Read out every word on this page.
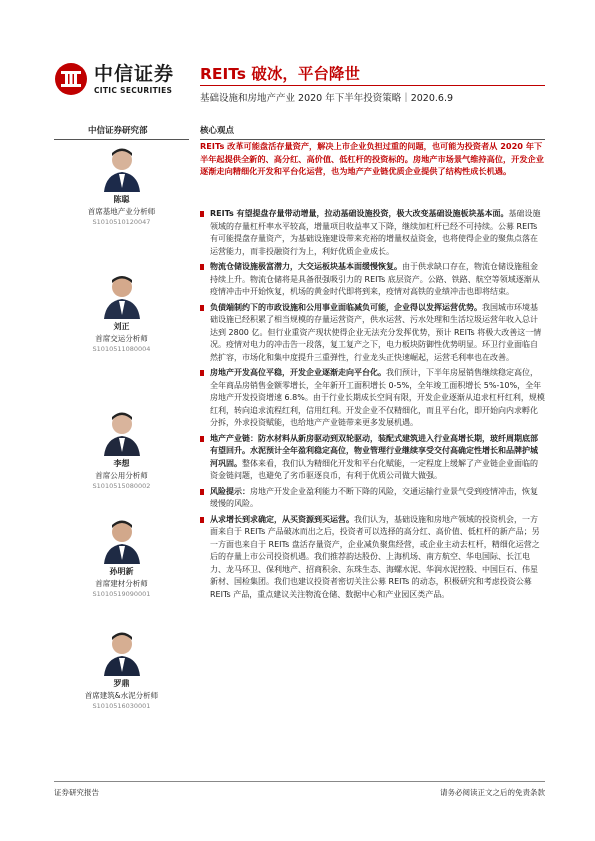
中信证券
CITIC SECURITIES
REITs 破冰，平台降世
基础设施和房地产产业 2020 年下半年投资策略｜2020.6.9
中信证券研究部	核心观点
陈聪
首席基地产业分析师
S1010510120047
刘正
首席交运分析师
S1010511080004
李想
首席公用分析师
S1010515080002
孙明新
首席建材分析师
S1010519090001
罗鼎
首席建筑&水泥分析师
S1010516030001
REITs 改革可能盘活存量资产，解决上市企业负担过重的问题，也可能为投资者从 2020 年下半年起提供全新的、高分红、高价值、低杠杆的投资标的。房地产市场景气维持高位，开发企业逐渐走向精细化开发和平台化运营，也为地产产业链优质企业提供了结构性成长机遇。
REITs 有望提盘存量带动增量，拉动基础设施投资，极大改变基础设施板块基本面。基础设施领域的存量杠杆率水平较高，增量项目收益率又下降，继续加杠杆已经不可持续。公募 REITs 有可能提盘存量资产，为基础设施建设带来充裕的增量权益资金，也将使得企业的聚焦点落在运营能力，而非投融资行为上，利好优质企业成长。
物流仓储设施极富潜力，大交运板块基本面缓慢恢复。由于供求缺口存在，物流仓储设施租金持续上升。物流仓储将是具备很强吸引力的 REITs 底层资产。公路、铁路、航空等领域逐渐从疫情冲击中开始恢复，机场的黄金时代即将到来，疫情对高铁的业绩冲击也即将结束。
负债端制约下的市政设施和公用事业面临减负可能，企业得以发挥运营优势。我国城市环境基础设施已经积累了相当规模的存量运营资产，供水运营、污水处理和生活垃圾运营年收入总计达到 2800 亿。但行业重资产现状使得企业无法充分发挥优势，预计 REITs 将极大改善这一情况。疫情对电力的冲击告一段落，复工复产之下，电力板块防御性优势明显。环卫行业面临自然扩容，市场化和集中度提升三重弹性，行业龙头正快速崛起，运营毛利率也在改善。
房地产开发高位平稳，开发企业逐渐走向平台化。我们预计，下半年房屋销售继续稳定高位，全年商品房销售金额零增长，全年新开工面积增长 0-5%，全年竣工面积增长 5%-10%，全年房地产开发投资增速 6.8%。由于行业长期成长空间有限，开发企业逐渐从追求杠杆红利，规模红利，转向追求流程红利，信用红利。开发企业不仅精细化，而且平台化，即开始向内求孵化分拆，外求投资赋能，也给地产产业链带来更多发展机遇。
地产产业链：防水材料从新房驱动到双轮驱动，装配式建筑进入行业高增长期，玻纤周期底部有望回升。水泥预计全年盈利稳定高位，物业管理行业继续享受交付高确定性增长和品牌护城河巩固。整体来看，我们认为精细化开发和平台化赋能，一定程度上缓解了产业链企业面临的资金链问题，也避免了劣币驱逐良币，有利于优质公司做大做强。
风险提示：房地产开发企业盈利能力不断下降的风险，交通运输行业景气受到疫情冲击，恢复缓慢的风险。
从求增长到求确定，从买资源到买运营。我们认为，基础设施和房地产领域的投资机会，一方面来自于 REITs 产品破冰而出之后，投资者可以选择的高分红、高价值、低杠杆的新产品；另一方面也来自于 REITs 盘活存量资产，企业减负聚焦经营，或企业主动去杠杆，精细化运营之后的存量上市公司投资机遇。我们推荐韵达股份、上海机场、南方航空、华电国际、长江电力、龙马环卫、保利地产、招商积余、东珠生态、海螺水泥、华润水泥控股、中国巨石、伟星新材、国检集团。我们也建议投资者密切关注公募 REITs 的动态，积极研究和考虑投资公募 REITs 产品，重点建议关注物流仓储、数据中心和产业园区类产品。
证券研究报告	请务必阅读正文之后的免责条款
